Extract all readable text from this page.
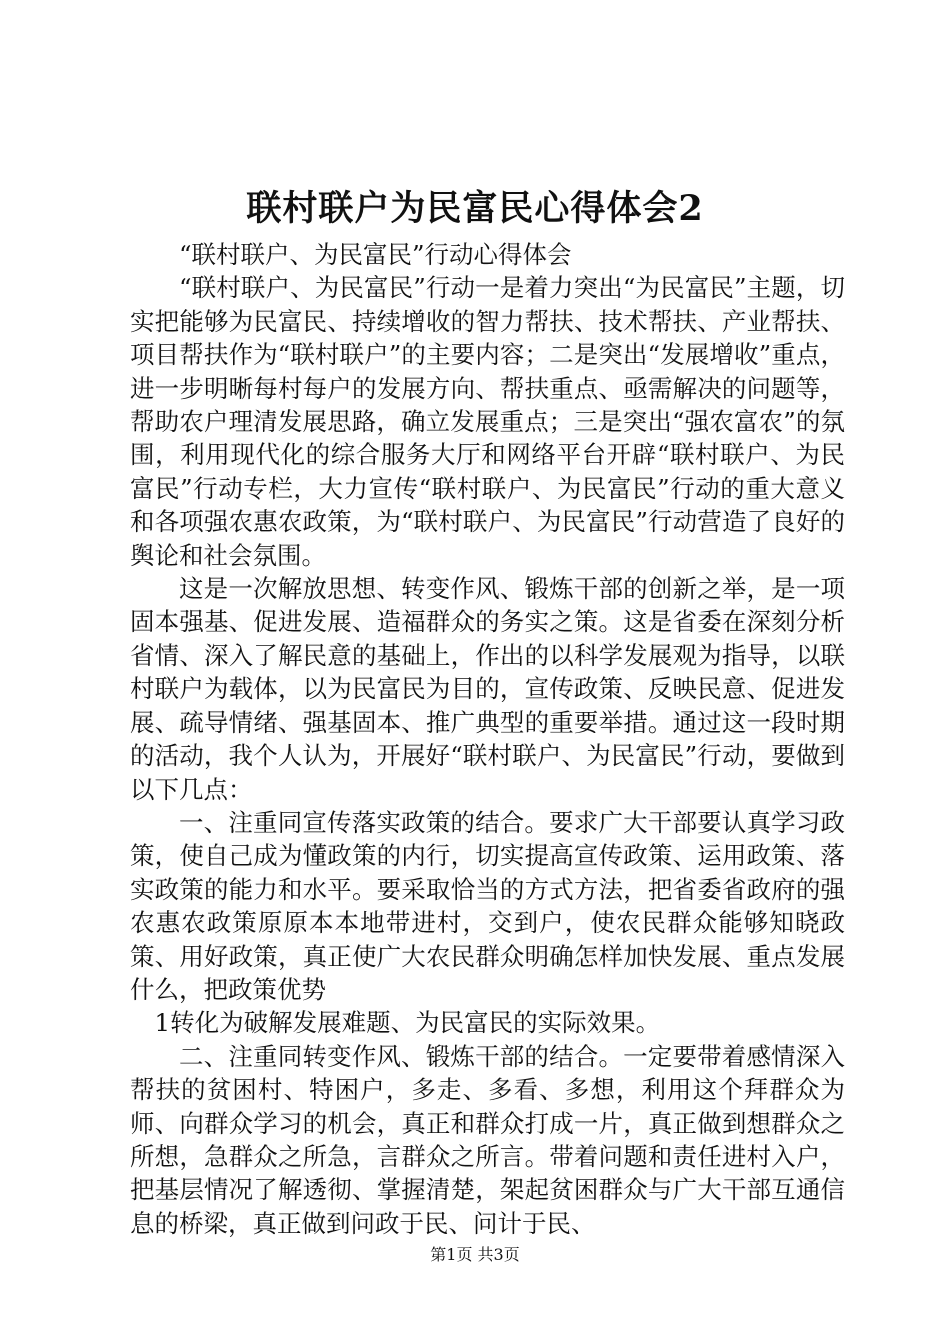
联村联户为民富民心得体会2

“联村联户、为民富民”行动心得体会

“联村联户、为民富民”行动一是着力突出“为民富民”主题，切实把能够为民富民、持续增收的智力帮扶、技术帮扶、产业帮扶、项目帮扶作为“联村联户”的主要内容；二是突出“发展增收”重点，进一步明晰每村每户的发展方向、帮扶重点、亟需解决的问题等，帮助农户理清发展思路，确立发展重点；三是突出“强农富农”的氛围，利用现代化的综合服务大厅和网络平台开辟“联村联户、为民富民”行动专栏，大力宣传“联村联户、为民富民”行动的重大意义和各项强农惠农政策，为“联村联户、为民富民”行动营造了良好的舆论和社会氛围。

这是一次解放思想、转变作风、锻炼干部的创新之举，是一项固本强基、促进发展、造福群众的务实之策。这是省委在深刻分析省情、深入了解民意的基础上，作出的以科学发展观为指导，以联村联户为载体，以为民富民为目的，宣传政策、反映民意、促进发展、疏导情绪、强基固本、推广典型的重要举措。通过这一段时期的活动，我个人认为，开展好“联村联户、为民富民”行动，要做到以下几点：

一、注重同宣传落实政策的结合。要求广大干部要认真学习政策，使自己成为懂政策的内行，切实提高宣传政策、运用政策、落实政策的能力和水平。要采取恰当的方式方法，把省委省政府的强农惠农政策原原本本地带进村，交到户，使农民群众能够知晓政策、用好政策，真正使广大农民群众明确怎样加快发展、重点发展什么，把政策优势

1转化为破解发展难题、为民富民的实际效果。

二、注重同转变作风、锻炼干部的结合。一定要带着感情深入帮扶的贫困村、特困户，多走、多看、多想，利用这个拜群众为师、向群众学习的机会，真正和群众打成一片，真正做到想群众之所想，急群众之所急，言群众之所言。带着问题和责任进村入户，把基层情况了解透彻、掌握清楚，架起贫困群众与广大干部互通信息的桥梁，真正做到问政于民、问计于民、

第1页 共3页
